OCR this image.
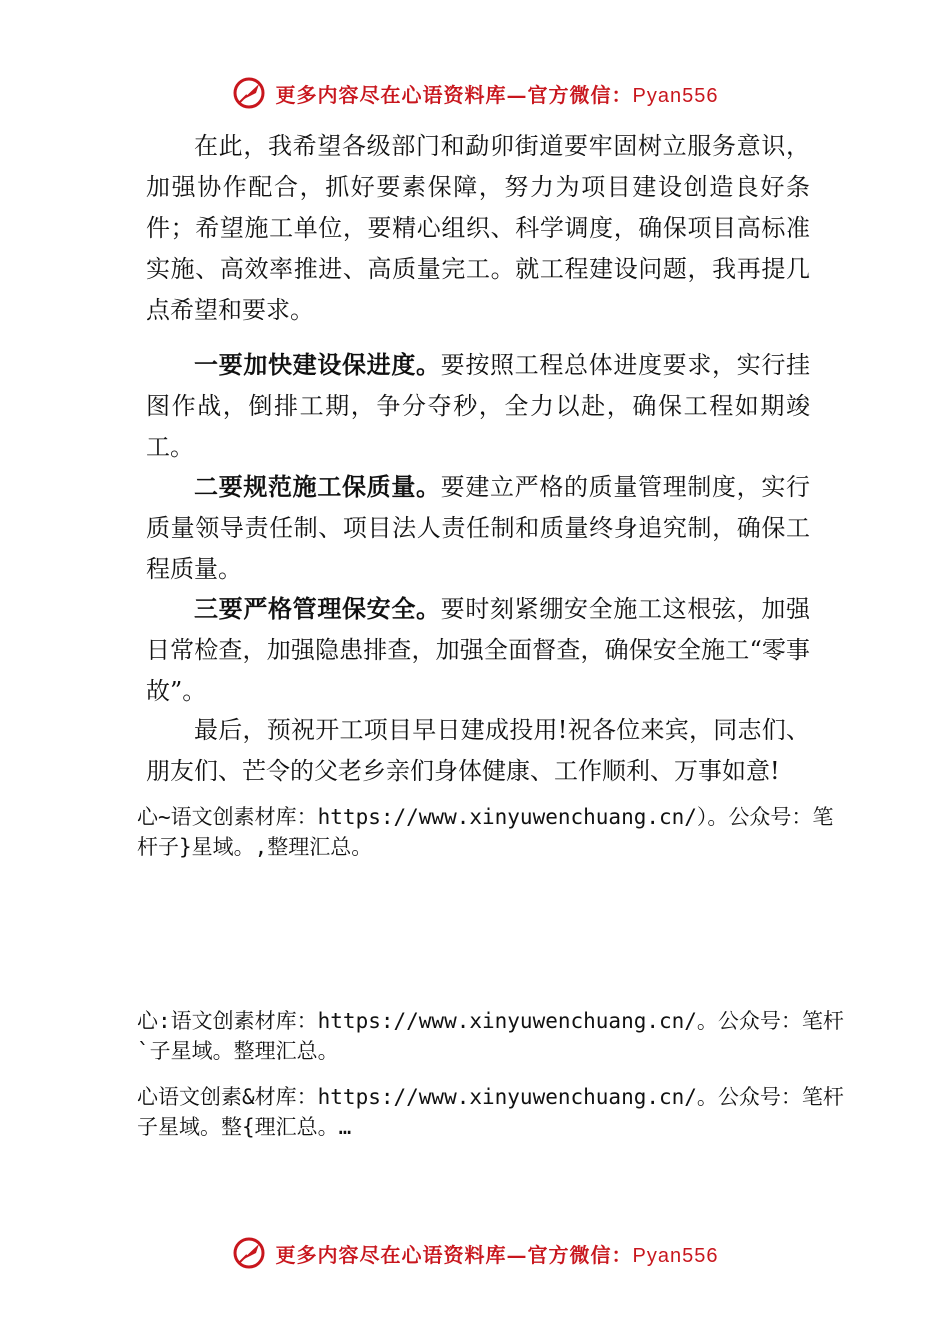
更多内容尽在心语资料库—官方微信：Pyan556

在此，我希望各级部门和勐卯街道要牢固树立服务意识，加强协作配合，抓好要素保障，努力为项目建设创造良好条件；希望施工单位，要精心组织、科学调度，确保项目高标准实施、高效率推进、高质量完工。就工程建设问题，我再提几点希望和要求。

一要加快建设保进度。要按照工程总体进度要求，实行挂图作战，倒排工期，争分夺秒，全力以赴，确保工程如期竣工。

二要规范施工保质量。要建立严格的质量管理制度，实行质量领导责任制、项目法人责任制和质量终身追究制，确保工程质量。

三要严格管理保安全。要时刻紧绷安全施工这根弦，加强日常检查，加强隐患排查，加强全面督查，确保安全施工“零事故”。

最后，预祝开工项目早日建成投用!祝各位来宾，同志们、朋友们、芒令的父老乡亲们身体健康、工作顺利、万事如意!

心~语文创素材库：https://www.xinyuwenchuang.cn/）。公众号：笔杆子}星域。,整理汇总。

心:语文创素材库：https://www.xinyuwenchuang.cn/。公众号：笔杆`子星域。整理汇总。

心语文创素&材库：https://www.xinyuwenchuang.cn/。公众号：笔杆子星域。整{理汇总。…

更多内容尽在心语资料库—官方微信：Pyan556
